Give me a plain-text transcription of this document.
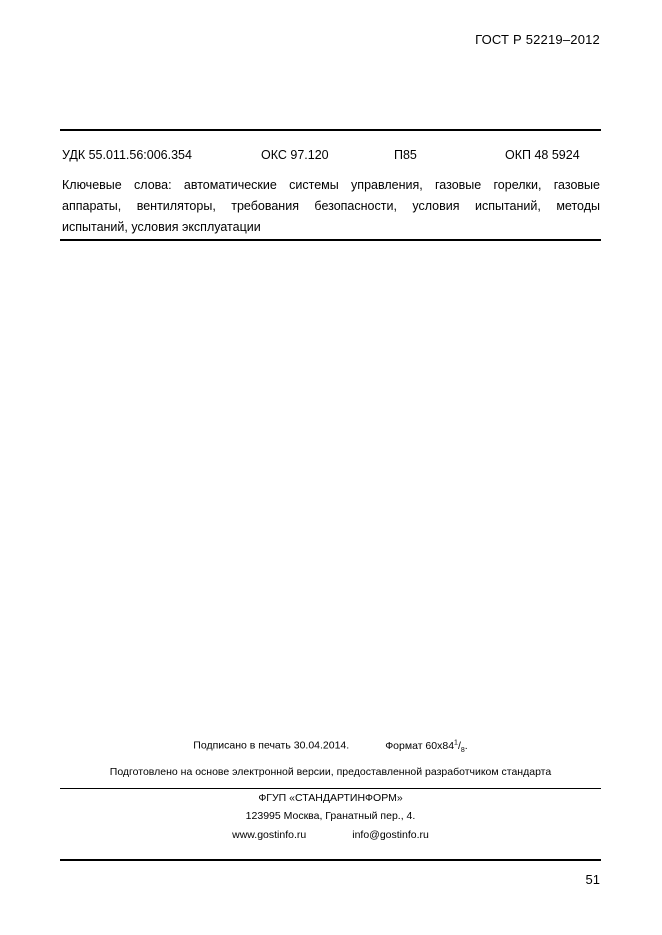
ГОСТ Р 52219–2012
УДК 55.011.56:006.354	ОКС 97.120	П85	ОКП 48 5924
Ключевые слова: автоматические системы управления, газовые горелки, газовые
аппараты, вентиляторы, требования безопасности, условия испытаний, методы
испытаний, условия эксплуатации
Подписано в печать 30.04.2014.	Формат $60х84^1/_8$.
Подготовлено на основе электронной версии, предоставленной разработчиком стандарта
ФГУП «СТАНДАРТИНФОРМ»
123995 Москва, Гранатный пер., 4.
www.gostinfo.ru	info@gostinfo.ru
51
